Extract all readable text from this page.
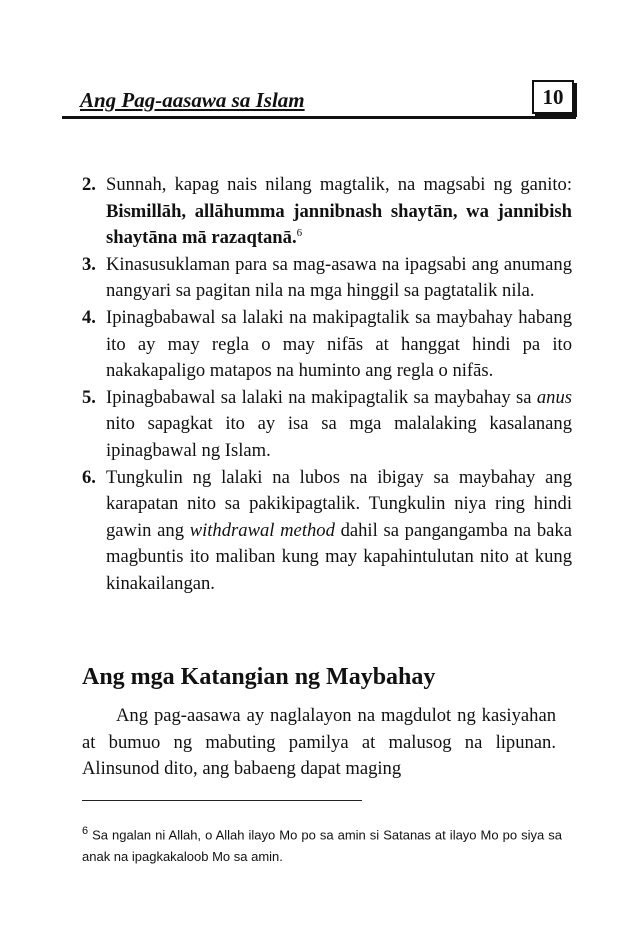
Ang Pag-aasawa sa Islam	10
2. Sunnah, kapag nais nilang magtalik, na magsabi ng ganito: Bismillāh, allāhumma jannibnash shaytān, wa jannibish shaytāna mā razaqtanā.$^6$
3. Kinasusuklaman para sa mag-asawa na ipagsabi ang anumang nangyari sa pagitan nila na mga hinggil sa pagtatalik nila.
4. Ipinagbabawal sa lalaki na makipagtalik sa maybahay habang ito ay may regla o may nifās at hanggat hindi pa ito nakakapaligo matapos na huminto ang regla o nifās.
5. Ipinagbabawal sa lalaki na makipagtalik sa maybahay sa anus nito sapagkat ito ay isa sa mga malalaking kasalanang ipinagbawal ng Islam.
6. Tungkulin ng lalaki na lubos na ibigay sa maybahay ang karapatan nito sa pakikipagtalik. Tungkulin niya ring hindi gawin ang withdrawal method dahil sa pangangamba na baka magbuntis ito maliban kung may kapahintulutan nito at kung kinakailangan.
Ang mga Katangian ng Maybahay

Ang pag-aasawa ay naglalayon na magdulot ng kasiyahan at bumuo ng mabuting pamilya at malusog na lipunan. Alinsunod dito, ang babaeng dapat maging

$^6$ Sa ngalan ni Allah, o Allah ilayo Mo po sa amin si Satanas at ilayo Mo po siya sa anak na ipagkakaloob Mo sa amin.
